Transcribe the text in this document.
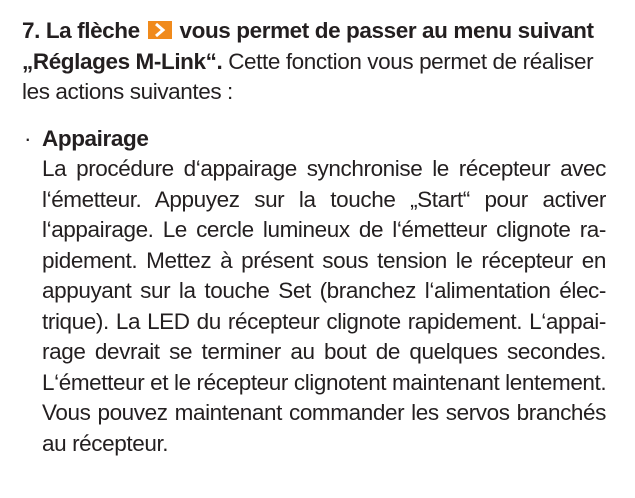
7. La flèche vous permet de passer au menu suivant
„Réglages M-Link“. Cette fonction vous permet de réaliser
les actions suivantes :
· Appairage
La procédure d‘appairage synchronise le récepteur avec
l‘émetteur. Appuyez sur la touche „Start“ pour activer
l‘appairage. Le cercle lumineux de l‘émetteur clignote ra-
pidement. Mettez à présent sous tension le récepteur en
appuyant sur la touche Set (branchez l‘alimentation élec-
trique). La LED du récepteur clignote rapidement. L‘appai-
rage devrait se terminer au bout de quelques secondes.
L‘émetteur et le récepteur clignotent maintenant lentement.
Vous pouvez maintenant commander les servos branchés
au récepteur.
